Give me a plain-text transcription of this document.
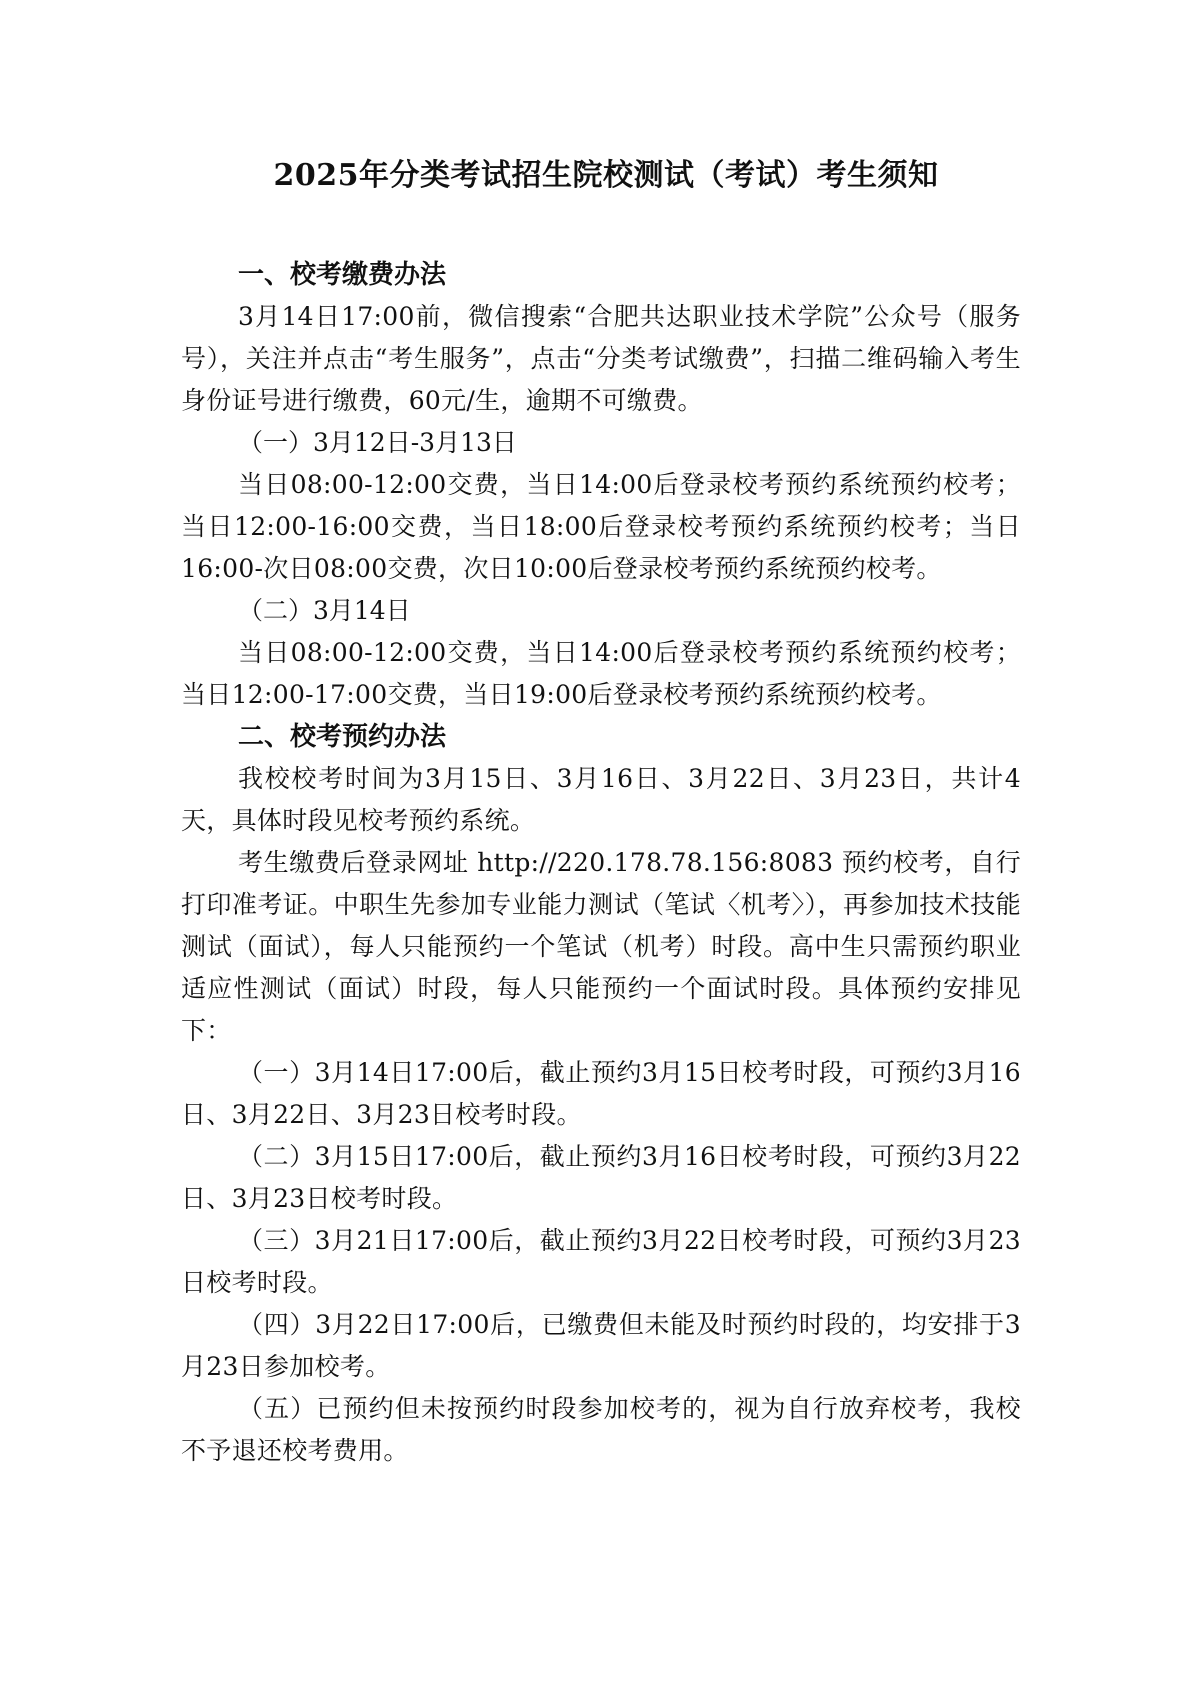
2025年分类考试招生院校测试（考试）考生须知

一、校考缴费办法

3月14日17:00前，微信搜索“合肥共达职业技术学院”公众号（服务号），关注并点击“考生服务”，点击“分类考试缴费”，扫描二维码输入考生身份证号进行缴费，60元/生，逾期不可缴费。

（一）3月12日-3月13日

当日08:00-12:00交费，当日14:00后登录校考预约系统预约校考；当日12:00-16:00交费，当日18:00后登录校考预约系统预约校考；当日16:00-次日08:00交费，次日10:00后登录校考预约系统预约校考。

（二）3月14日

当日08:00-12:00交费，当日14:00后登录校考预约系统预约校考；当日12:00-17:00交费，当日19:00后登录校考预约系统预约校考。

二、校考预约办法

我校校考时间为3月15日、3月16日、3月22日、3月23日，共计4天，具体时段见校考预约系统。

考生缴费后登录网址 http://220.178.78.156:8083 预约校考，自行打印准考证。中职生先参加专业能力测试（笔试〈机考〉），再参加技术技能测试（面试），每人只能预约一个笔试（机考）时段。高中生只需预约职业适应性测试（面试）时段，每人只能预约一个面试时段。具体预约安排见下：

（一）3月14日17:00后，截止预约3月15日校考时段，可预约3月16日、3月22日、3月23日校考时段。

（二）3月15日17:00后，截止预约3月16日校考时段，可预约3月22日、3月23日校考时段。

（三）3月21日17:00后，截止预约3月22日校考时段，可预约3月23日校考时段。

（四）3月22日17:00后，已缴费但未能及时预约时段的，均安排于3月23日参加校考。

（五）已预约但未按预约时段参加校考的，视为自行放弃校考，我校不予退还校考费用。
